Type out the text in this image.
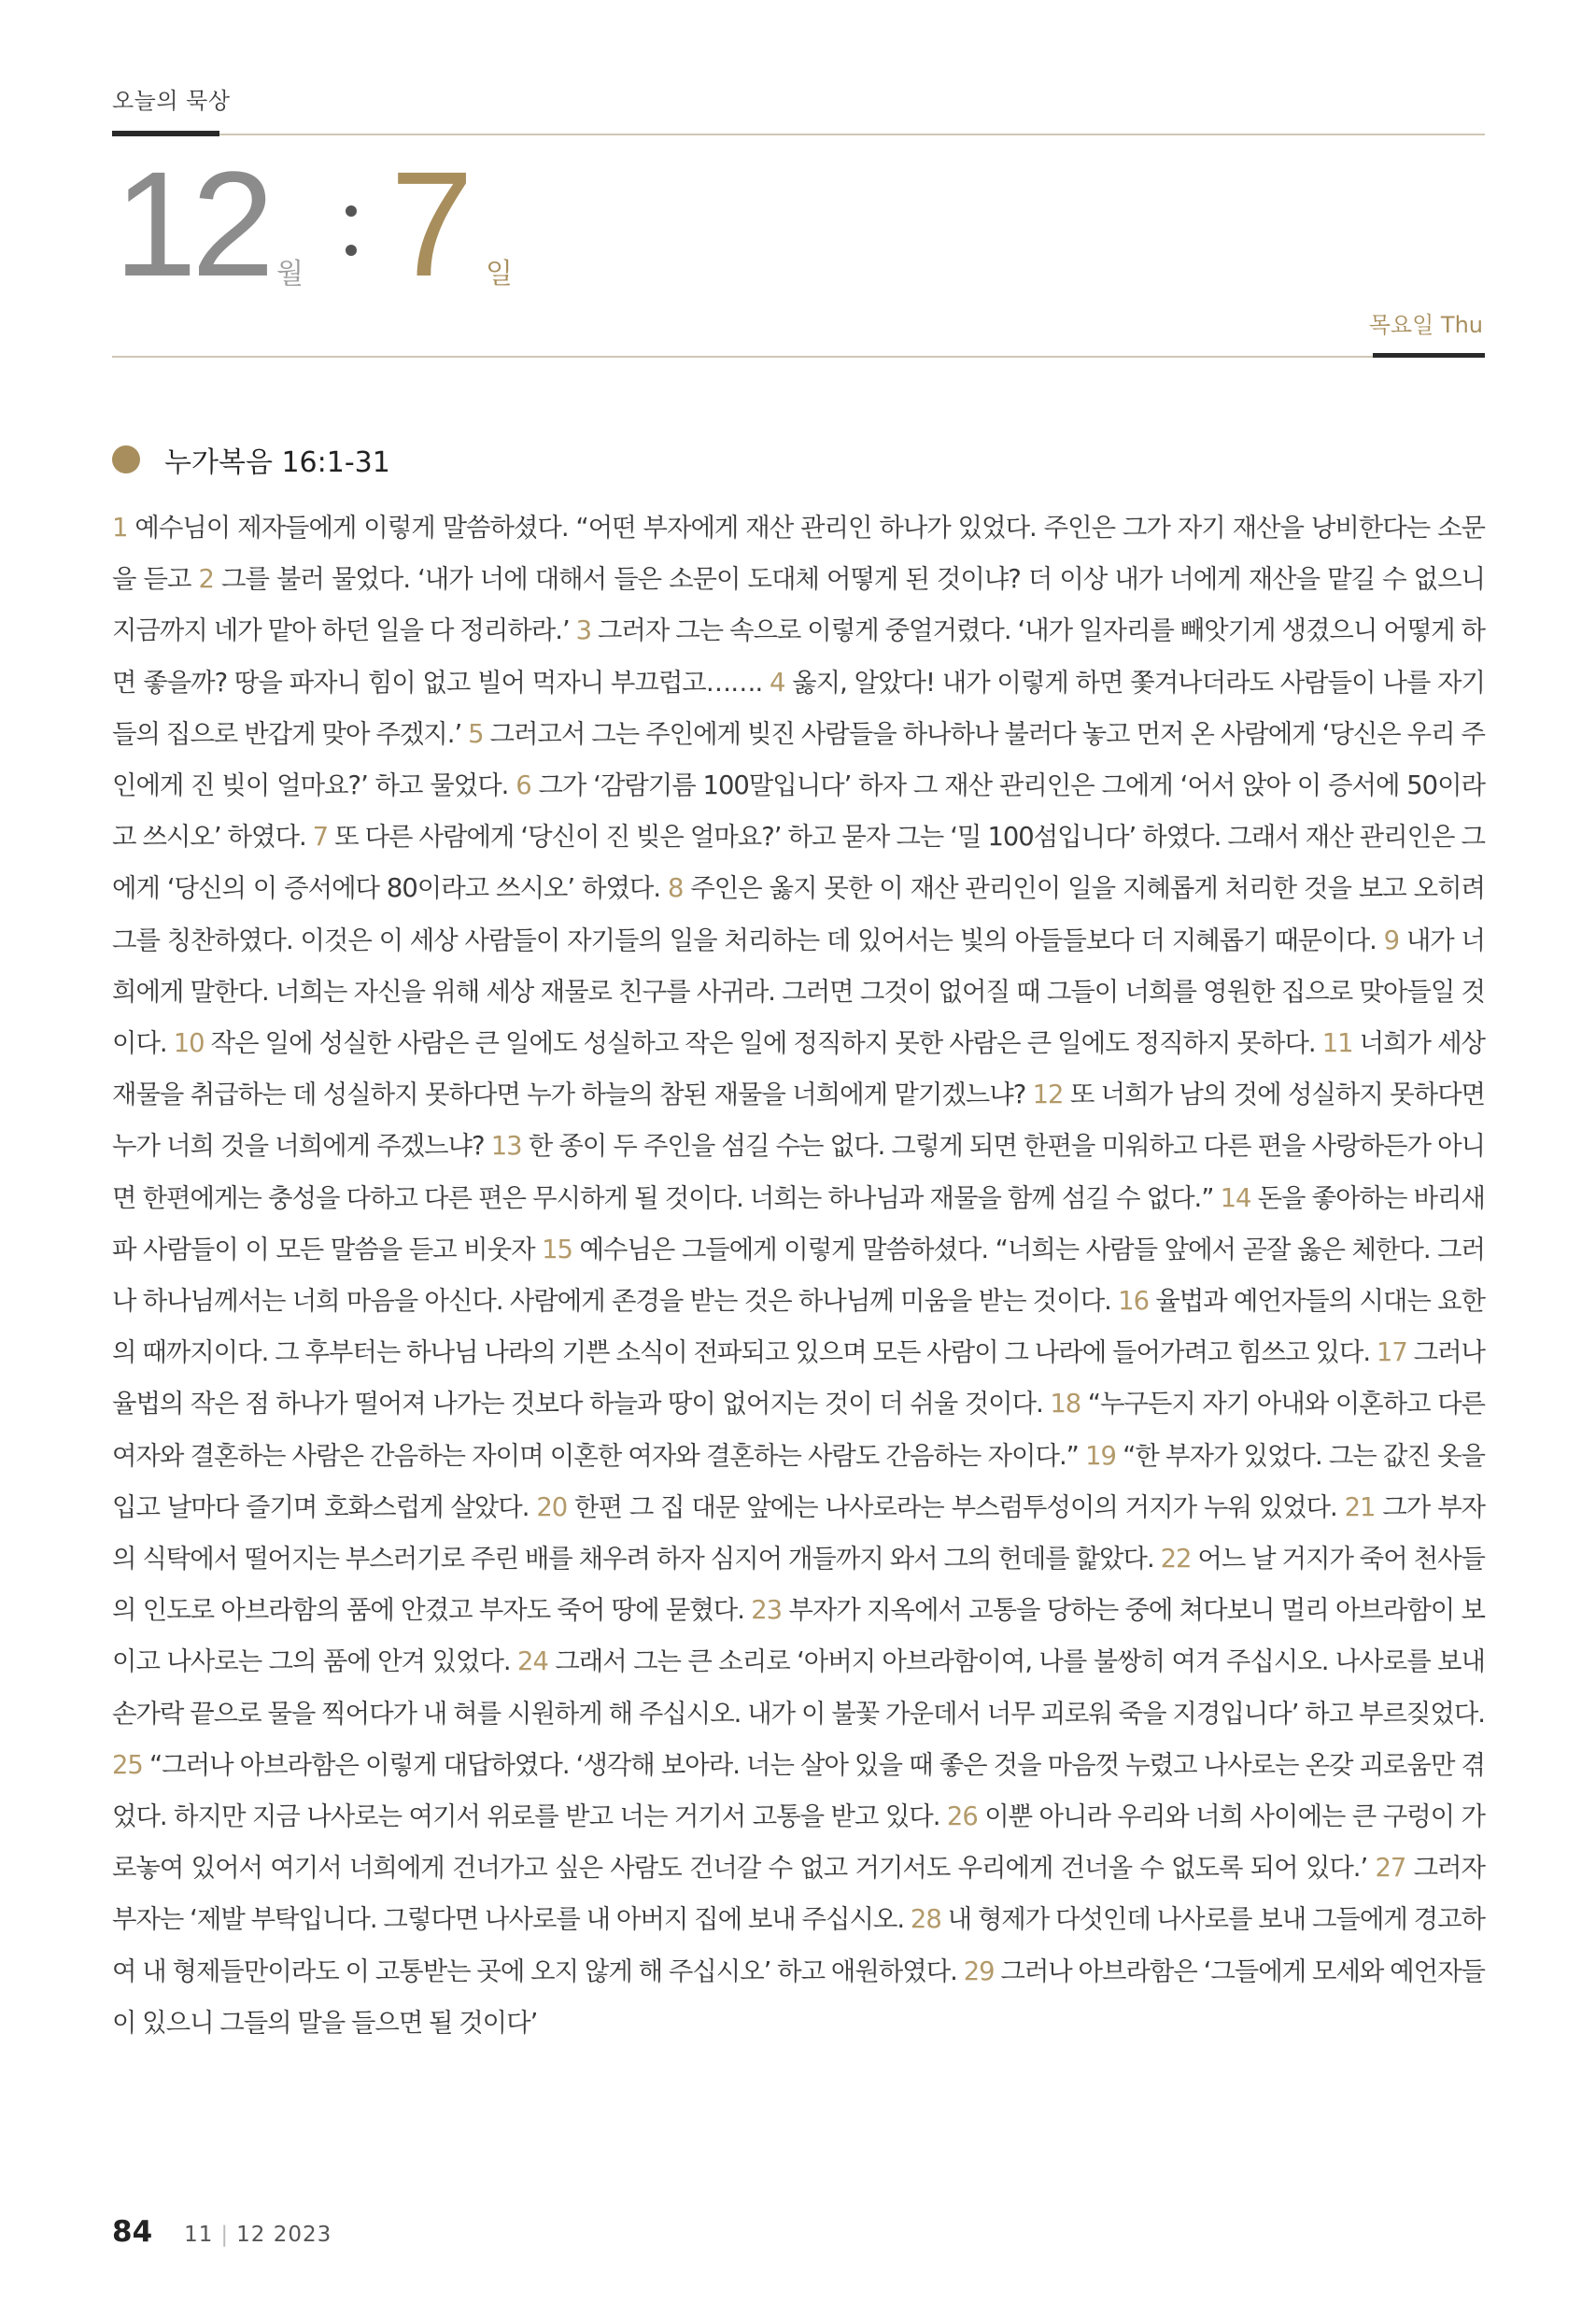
오늘의 묵상
12 월 7 일
목요일 Thu
누가복음 16:1-31
1 예수님이 제자들에게 이렇게 말씀하셨다. “어떤 부자에게 재산 관리인 하나가 있었다. 주인은 그가 자기 재산을 낭비한다는 소문을 듣고 2 그를 불러 물었다. ‘내가 너에 대해서 들은 소문이 도대체 어떻게 된 것이냐? 더 이상 내가 너에게 재산을 맡길 수 없으니 지금까지 네가 맡아 하던 일을 다 정리하라.’ 3 그러자 그는 속으로 이렇게 중얼거렸다. ‘내가 일자리를 빼앗기게 생겼으니 어떻게 하면 좋을까? 땅을 파자니 힘이 없고 빌어 먹자니 부끄럽고……. 4 옳지, 알았다! 내가 이렇게 하면 쫓겨나더라도 사람들이 나를 자기들의 집으로 반갑게 맞아 주겠지.’ 5 그러고서 그는 주인에게 빚진 사람들을 하나하나 불러다 놓고 먼저 온 사람에게 ‘당신은 우리 주인에게 진 빚이 얼마요?’ 하고 물었다. 6 그가 ‘감람기름 100말입니다’ 하자 그 재산 관리인은 그에게 ‘어서 앉아 이 증서에 50이라고 쓰시오’ 하였다. 7 또 다른 사람에게 ‘당신이 진 빚은 얼마요?’ 하고 묻자 그는 ‘밀 100섬입니다’ 하였다. 그래서 재산 관리인은 그에게 ‘당신의 이 증서에다 80이라고 쓰시오’ 하였다. 8 주인은 옳지 못한 이 재산 관리인이 일을 지혜롭게 처리한 것을 보고 오히려 그를 칭찬하였다. 이것은 이 세상 사람들이 자기들의 일을 처리하는 데 있어서는 빛의 아들들보다 더 지혜롭기 때문이다. 9 내가 너희에게 말한다. 너희는 자신을 위해 세상 재물로 친구를 사귀라. 그러면 그것이 없어질 때 그들이 너희를 영원한 집으로 맞아들일 것이다. 10 작은 일에 성실한 사람은 큰 일에도 성실하고 작은 일에 정직하지 못한 사람은 큰 일에도 정직하지 못하다. 11 너희가 세상 재물을 취급하는 데 성실하지 못하다면 누가 하늘의 참된 재물을 너희에게 맡기겠느냐? 12 또 너희가 남의 것에 성실하지 못하다면 누가 너희 것을 너희에게 주겠느냐? 13 한 종이 두 주인을 섬길 수는 없다. 그렇게 되면 한편을 미워하고 다른 편을 사랑하든가 아니면 한편에게는 충성을 다하고 다른 편은 무시하게 될 것이다. 너희는 하나님과 재물을 함께 섬길 수 없다.” 14 돈을 좋아하는 바리새파 사람들이 이 모든 말씀을 듣고 비웃자 15 예수님은 그들에게 이렇게 말씀하셨다. “너희는 사람들 앞에서 곧잘 옳은 체한다. 그러나 하나님께서는 너희 마음을 아신다. 사람에게 존경을 받는 것은 하나님께 미움을 받는 것이다. 16 율법과 예언자들의 시대는 요한의 때까지이다. 그 후부터는 하나님 나라의 기쁜 소식이 전파되고 있으며 모든 사람이 그 나라에 들어가려고 힘쓰고 있다. 17 그러나 율법의 작은 점 하나가 떨어져 나가는 것보다 하늘과 땅이 없어지는 것이 더 쉬울 것이다. 18 “누구든지 자기 아내와 이혼하고 다른 여자와 결혼하는 사람은 간음하는 자이며 이혼한 여자와 결혼하는 사람도 간음하는 자이다.” 19 “한 부자가 있었다. 그는 값진 옷을 입고 날마다 즐기며 호화스럽게 살았다. 20 한편 그 집 대문 앞에는 나사로라는 부스럼투성이의 거지가 누워 있었다. 21 그가 부자의 식탁에서 떨어지는 부스러기로 주린 배를 채우려 하자 심지어 개들까지 와서 그의 헌데를 핥았다. 22 어느 날 거지가 죽어 천사들의 인도로 아브라함의 품에 안겼고 부자도 죽어 땅에 묻혔다. 23 부자가 지옥에서 고통을 당하는 중에 쳐다보니 멀리 아브라함이 보이고 나사로는 그의 품에 안겨 있었다. 24 그래서 그는 큰 소리로 ‘아버지 아브라함이여, 나를 불쌍히 여겨 주십시오. 나사로를 보내 손가락 끝으로 물을 찍어다가 내 혀를 시원하게 해 주십시오. 내가 이 불꽃 가운데서 너무 괴로워 죽을 지경입니다’ 하고 부르짖었다. 25 “그러나 아브라함은 이렇게 대답하였다. ‘생각해 보아라. 너는 살아 있을 때 좋은 것을 마음껏 누렸고 나사로는 온갖 괴로움만 겪었다. 하지만 지금 나사로는 여기서 위로를 받고 너는 거기서 고통을 받고 있다. 26 이뿐 아니라 우리와 너희 사이에는 큰 구렁이 가로놓여 있어서 여기서 너희에게 건너가고 싶은 사람도 건너갈 수 없고 거기서도 우리에게 건너올 수 없도록 되어 있다.’ 27 그러자 부자는 ‘제발 부탁입니다. 그렇다면 나사로를 내 아버지 집에 보내 주십시오. 28 내 형제가 다섯인데 나사로를 보내 그들에게 경고하여 내 형제들만이라도 이 고통받는 곳에 오지 않게 해 주십시오’ 하고 애원하였다. 29 그러나 아브라함은 ‘그들에게 모세와 예언자들이 있으니 그들의 말을 들으면 될 것이다’
84 11 | 12 2023
